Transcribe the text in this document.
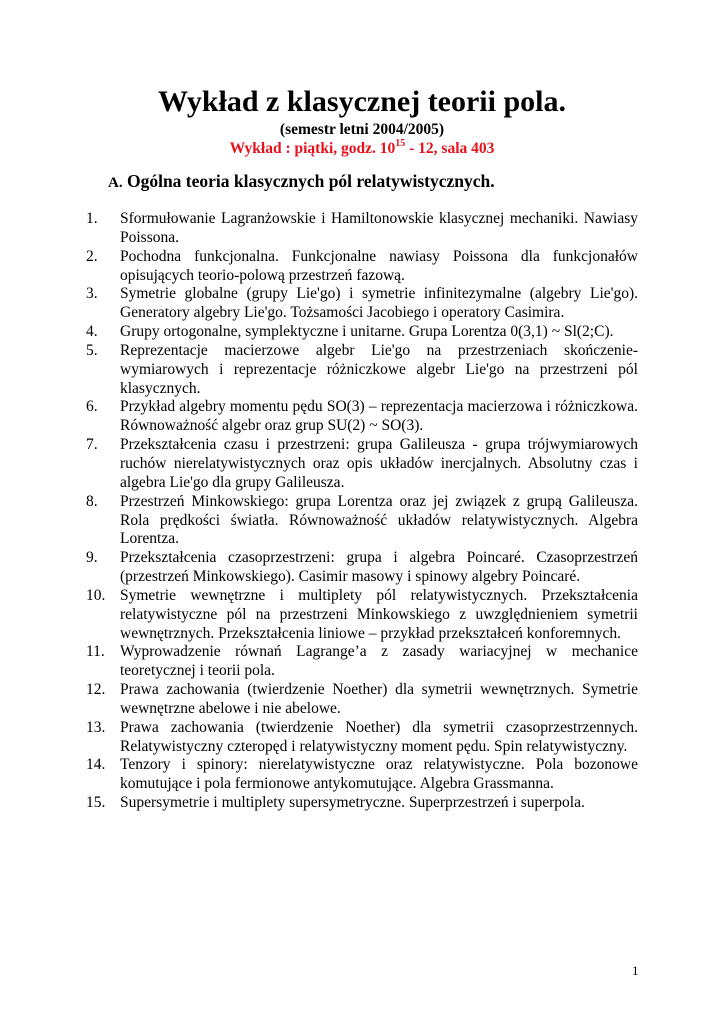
Wykład z klasycznej teorii pola.
(semestr letni 2004/2005)
Wykład : piątki, godz. $10^{15} - 12$, sala 403
A. Ogólna teoria klasycznych pól relatywistycznych.
1.	Sformułowanie Lagranżowskie i Hamiltonowskie klasycznej mechaniki. Nawiasy Poissona.
2.	Pochodna funkcjonalna. Funkcjonalne nawiasy Poissona dla funkcjonałów opisujących teorio-polową przestrzeń fazową.
3.	Symetrie globalne (grupy Lie'go) i symetrie infinitezymalne (algebry Lie'go). Generatory algebry Lie'go. Tożsamości Jacobiego i operatory Casimira.
4.	Grupy ortogonalne, symplektyczne i unitarne. Grupa Lorentza 0(3,1) ~ Sl(2;C).
5.	Reprezentacje macierzowe algebr Lie'go na przestrzeniach skończenie-wymiarowych i reprezentacje różniczkowe algebr Lie'go na przestrzeni pól klasycznych.
6.	Przykład algebry momentu pędu SO(3) – reprezentacja macierzowa i różniczkowa. Równoważność algebr oraz grup SU(2) ~ SO(3).
7.	Przekształcenia czasu i przestrzeni: grupa Galileusza - grupa trójwymiarowych ruchów nierelatywistycznych oraz opis układów inercjalnych. Absolutny czas i algebra Lie'go dla grupy Galileusza.
8.	Przestrzeń Minkowskiego: grupa Lorentza oraz jej związek z grupą Galileusza. Rola prędkości światła. Równoważność układów relatywistycznych. Algebra Lorentza.
9.	Przekształcenia czasoprzestrzeni: grupa i algebra Poincaré. Czasoprzestrzeń (przestrzeń Minkowskiego). Casimir masowy i spinowy algebry Poincaré.
10. Symetrie wewnętrzne i multiplety pól relatywistycznych. Przekształcenia relatywistyczne pól na przestrzeni Minkowskiego z uwzględnieniem symetrii wewnętrznych. Przekształcenia liniowe – przykład przekształceń konforemnych.
11. Wyprowadzenie równań Lagrange’a z zasady wariacyjnej w mechanice teoretycznej i teorii pola.
12. Prawa zachowania (twierdzenie Noether) dla symetrii wewnętrznych. Symetrie wewnętrzne abelowe i nie abelowe.
13. Prawa zachowania (twierdzenie Noether) dla symetrii czasoprzestrzennych. Relatywistyczny czteropęd i relatywistyczny moment pędu. Spin relatywistyczny.
14. Tenzory i spinory: nierelatywistyczne oraz relatywistyczne. Pola bozonowe komutujące i pola fermionowe antykomutujące. Algebra Grassmanna.
15. Supersymetrie i multiplety supersymetryczne. Superprzestrzeń i superpola.
1
